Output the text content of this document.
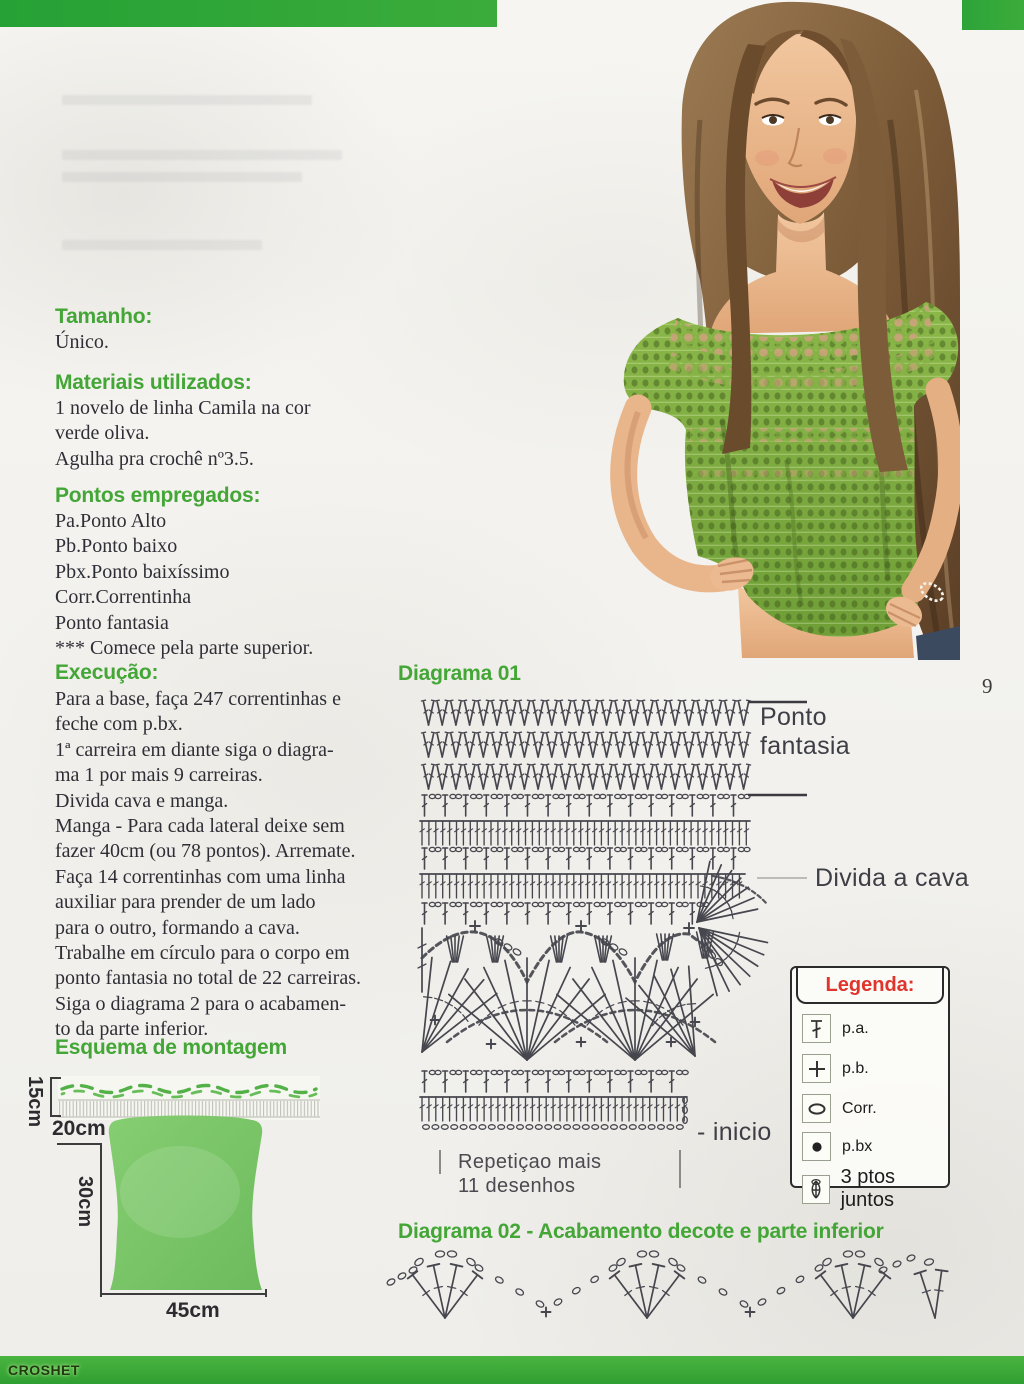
CROSHET
9
Tamanho:
Único.
Materiais utilizados:
1 novelo de linha Camila na cor
verde oliva.
Agulha pra crochê nº3.5.
Pontos empregados:
Pa.Ponto Alto
Pb.Ponto baixo
Pbx.Ponto baixíssimo
Corr.Correntinha
Ponto fantasia
*** Comece pela parte superior.
Execução:
Para a base, faça 247 correntinhas e
feche com p.bx.
1ª carreira em diante siga o diagra-
ma 1 por mais 9 carreiras.
Divida cava e manga.
Manga - Para cada lateral deixe sem
fazer 40cm (ou 78 pontos). Arremate.
Faça 14 correntinhas com uma linha
auxiliar para prender de um lado
para o outro, formando a cava.
Trabalhe em círculo para o corpo em
ponto fantasia no total de 22 carreiras.
Siga o diagrama 2 para o acabamen-
to da parte inferior.
Esquema de montagem
15cm
20cm
30cm
45cm
Diagrama 01
Ponto
fantasia
Divida a cava
- inicio
Repetiçao mais
11 desenhos
Legenda:
p.a.
p.b.
Corr.
p.bx
3 ptos juntos
Diagrama 02 - Acabamento decote e parte inferior
